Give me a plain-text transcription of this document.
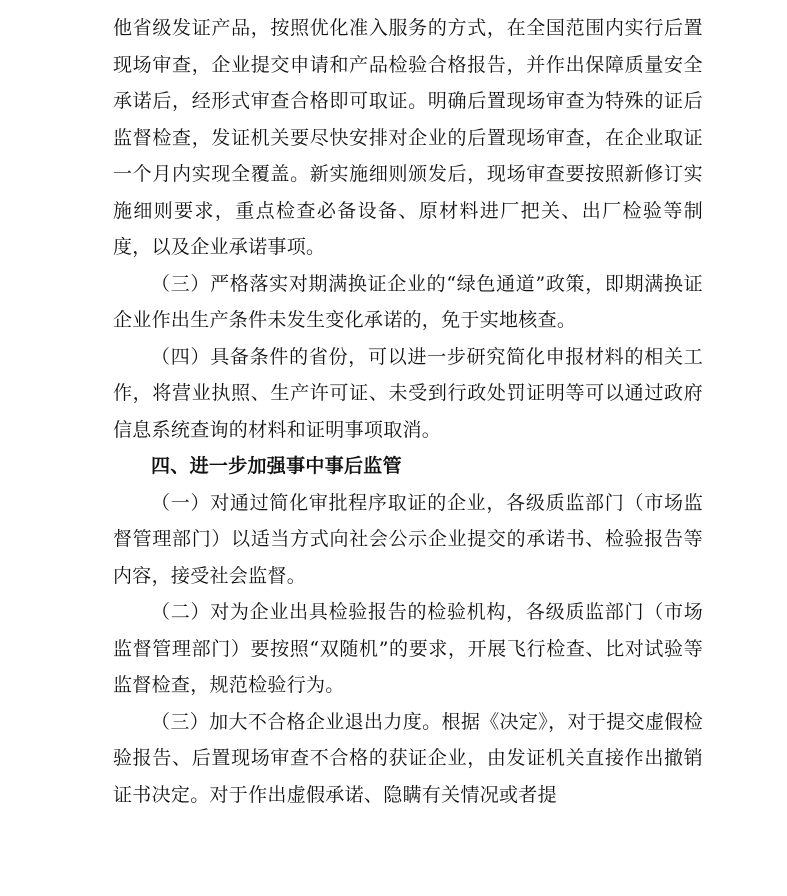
他省级发证产品，按照优化准入服务的方式，在全国范围内实行后置现场审查，企业提交申请和产品检验合格报告，并作出保障质量安全承诺后，经形式审查合格即可取证。明确后置现场审查为特殊的证后监督检查，发证机关要尽快安排对企业的后置现场审查，在企业取证一个月内实现全覆盖。新实施细则颁发后，现场审查要按照新修订实施细则要求，重点检查必备设备、原材料进厂把关、出厂检验等制度，以及企业承诺事项。

（三）严格落实对期满换证企业的“绿色通道”政策，即期满换证企业作出生产条件未发生变化承诺的，免于实地核查。

（四）具备条件的省份，可以进一步研究简化申报材料的相关工作，将营业执照、生产许可证、未受到行政处罚证明等可以通过政府信息系统查询的材料和证明事项取消。

四、进一步加强事中事后监管

（一）对通过简化审批程序取证的企业，各级质监部门（市场监督管理部门）以适当方式向社会公示企业提交的承诺书、检验报告等内容，接受社会监督。

（二）对为企业出具检验报告的检验机构，各级质监部门（市场监督管理部门）要按照“双随机”的要求，开展飞行检查、比对试验等监督检查，规范检验行为。

（三）加大不合格企业退出力度。根据《决定》，对于提交虚假检验报告、后置现场审查不合格的获证企业，由发证机关直接作出撤销证书决定。对于作出虚假承诺、隐瞒有关情况或者提
